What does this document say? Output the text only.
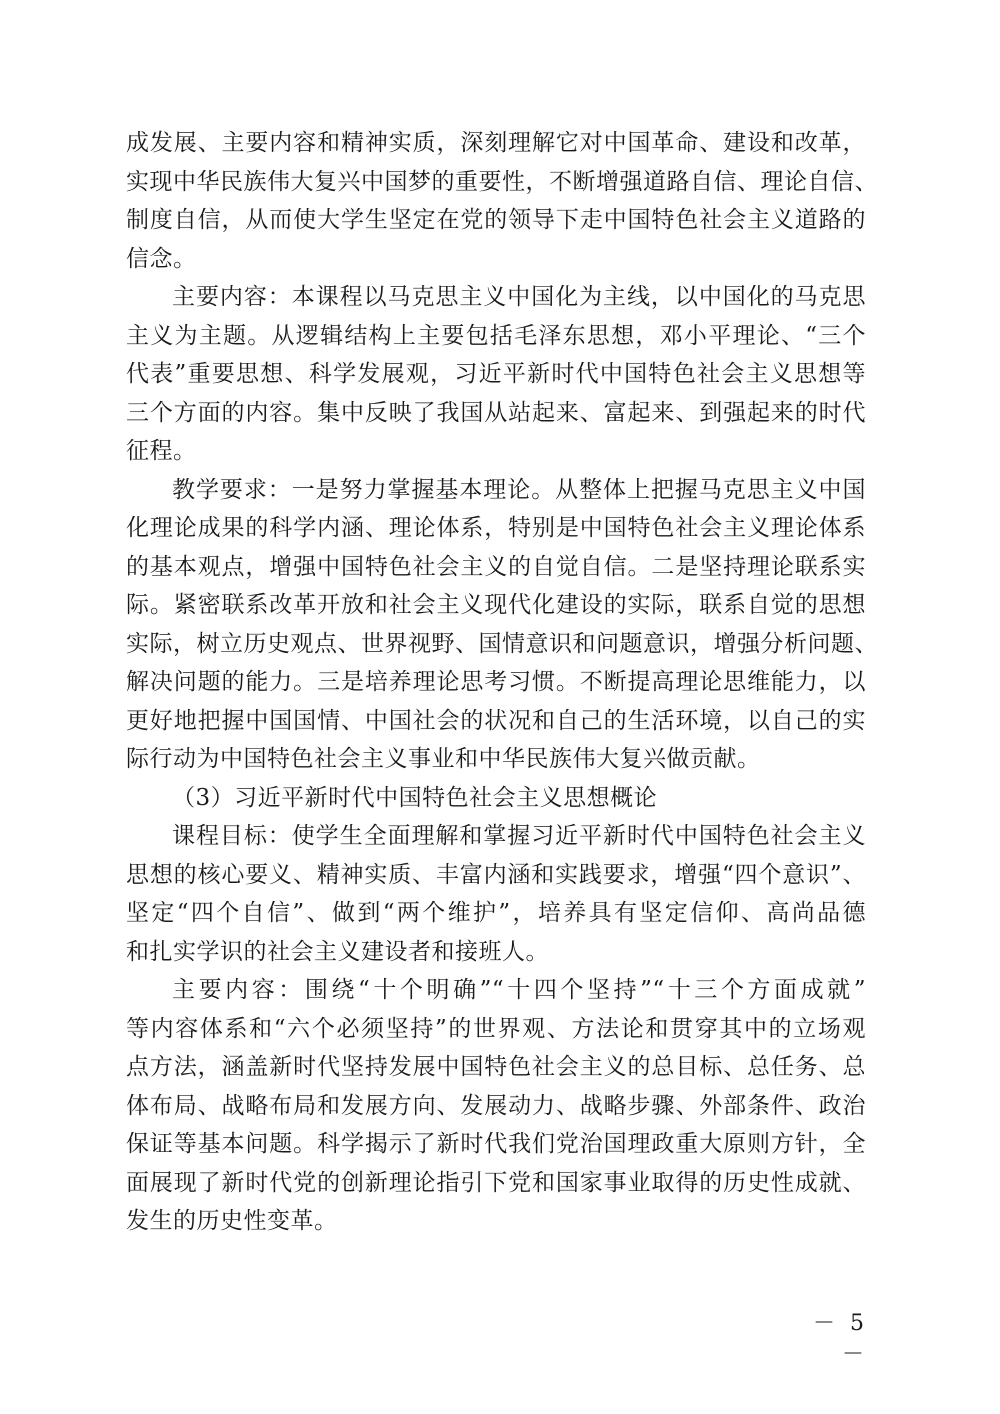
成发展、主要内容和精神实质，深刻理解它对中国革命、建设和改革，
实现中华民族伟大复兴中国梦的重要性，不断增强道路自信、理论自信、
制度自信，从而使大学生坚定在党的领导下走中国特色社会主义道路的
信念。
主要内容：本课程以马克思主义中国化为主线，以中国化的马克思
主义为主题。从逻辑结构上主要包括毛泽东思想，邓小平理论、“三个
代表”重要思想、科学发展观，习近平新时代中国特色社会主义思想等
三个方面的内容。集中反映了我国从站起来、富起来、到强起来的时代
征程。
教学要求：一是努力掌握基本理论。从整体上把握马克思主义中国
化理论成果的科学内涵、理论体系，特别是中国特色社会主义理论体系
的基本观点，增强中国特色社会主义的自觉自信。二是坚持理论联系实
际。紧密联系改革开放和社会主义现代化建设的实际，联系自觉的思想
实际，树立历史观点、世界视野、国情意识和问题意识，增强分析问题、
解决问题的能力。三是培养理论思考习惯。不断提高理论思维能力，以
更好地把握中国国情、中国社会的状况和自己的生活环境，以自己的实
际行动为中国特色社会主义事业和中华民族伟大复兴做贡献。
（3）习近平新时代中国特色社会主义思想概论
课程目标：使学生全面理解和掌握习近平新时代中国特色社会主义
思想的核心要义、精神实质、丰富内涵和实践要求，增强“四个意识”、
坚定“四个自信”、做到“两个维护”，培养具有坚定信仰、高尚品德
和扎实学识的社会主义建设者和接班人。
主要内容：围绕“十个明确”“十四个坚持”“十三个方面成就”
等内容体系和“六个必须坚持”的世界观、方法论和贯穿其中的立场观
点方法，涵盖新时代坚持发展中国特色社会主义的总目标、总任务、总
体布局、战略布局和发展方向、发展动力、战略步骤、外部条件、政治
保证等基本问题。科学揭示了新时代我们党治国理政重大原则方针，全
面展现了新时代党的创新理论指引下党和国家事业取得的历史性成就、
发生的历史性变革。
－ 5 －
